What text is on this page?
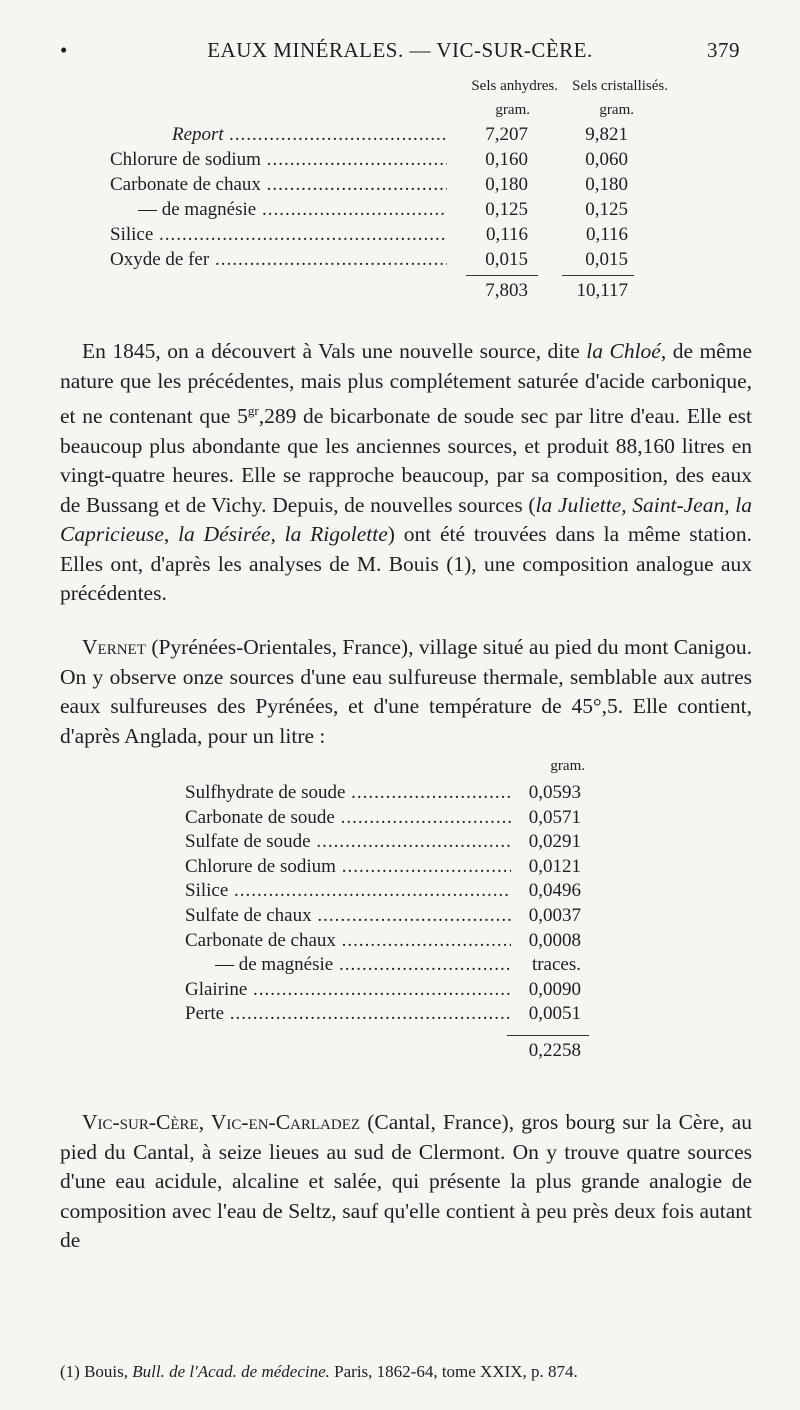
•	EAUX MINÉRALES. — VIC-SUR-CÈRE.	379
Sels anhydres. Sels cristallisés.
gram.	gram.
Report .....	7,207	9,821
Chlorure de sodium .....	0,160	0,060
Carbonate de chaux .....	0,180	0,180
— de magnésie .....	0,125	0,125
Silice .....	0,116	0,116
Oxyde de fer .....	0,015	0,015
7,803	10,117
En 1845, on a découvert à Vals une nouvelle source, dite la Chloé, de même nature que les précédentes, mais plus complétement saturée d'acide carbonique, et ne contenant que $5^{gr},289$ de bicarbonate de soude sec par litre d'eau. Elle est beaucoup plus abondante que les anciennes sources, et produit 88,160 litres en vingt-quatre heures. Elle se rapproche beaucoup, par sa composition, des eaux de Bussang et de Vichy. Depuis, de nouvelles sources (la Juliette, Saint-Jean, la Capricieuse, la Désirée, la Rigolette) ont été trouvées dans la même station. Elles ont, d'après les analyses de M. Bouis (1), une composition analogue aux précédentes.
Vernet (Pyrénées-Orientales, France), village situé au pied du mont Canigou. On y observe onze sources d'une eau sulfureuse thermale, semblable aux autres eaux sulfureuses des Pyrénées, et d'une température de 45°,5. Elle contient, d'après Anglada, pour un litre :
gram.
Sulfhydrate de soude .....	0,0593
Carbonate de soude .....	0,0571
Sulfate de soude .....	0,0291
Chlorure de sodium .....	0,0121
Silice .....	0,0496
Sulfate de chaux .....	0,0037
Carbonate de chaux .....	0,0008
— de magnésie .....	traces.
Glairine .....	0,0090
Perte .....	0,0051
0,2258
Vic-sur-Cère, Vic-en-Carladez (Cantal, France), gros bourg sur la Cère, au pied du Cantal, à seize lieues au sud de Clermont. On y trouve quatre sources d'une eau acidule, alcaline et salée, qui présente la plus grande analogie de composition avec l'eau de Seltz, sauf qu'elle contient à peu près deux fois autant de
(1) Bouis, Bull. de l'Acad. de médecine. Paris, 1862-64, tome XXIX, p. 874.
